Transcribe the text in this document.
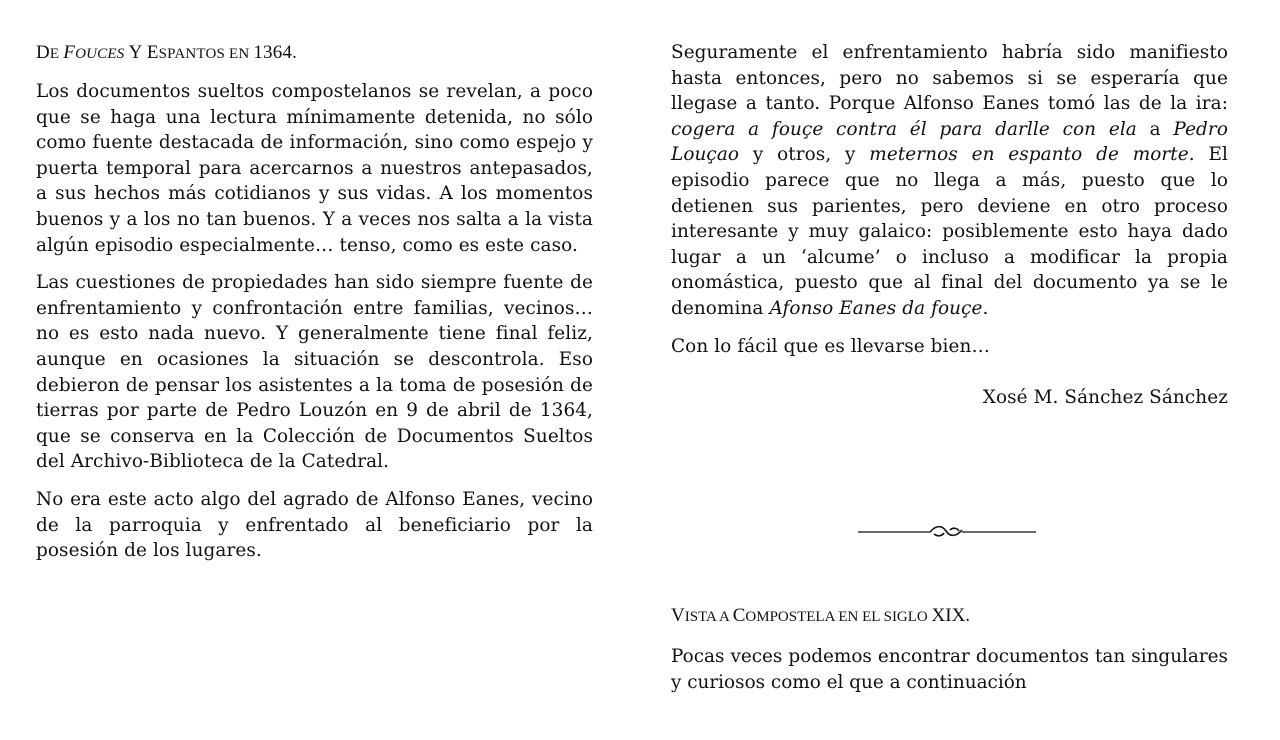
DE FOUCES Y ESPANTOS EN 1364.

Los documentos sueltos compostelanos se revelan, a poco que se haga una lectura mínimamente detenida, no sólo como fuente destacada de información, sino como espejo y puerta temporal para acercarnos a nuestros antepasados, a sus hechos más cotidianos y sus vidas. A los momentos buenos y a los no tan buenos. Y a veces nos salta a la vista algún episodio especialmente… tenso, como es este caso.

Las cuestiones de propiedades han sido siempre fuente de enfrentamiento y confrontación entre familias, vecinos… no es esto nada nuevo. Y generalmente tiene final feliz, aunque en ocasiones la situación se descontrola. Eso debieron de pensar los asistentes a la toma de posesión de tierras por parte de Pedro Louzón en 9 de abril de 1364, que se conserva en la Colección de Documentos Sueltos del Archivo-Biblioteca de la Catedral.

No era este acto algo del agrado de Alfonso Eanes, vecino de la parroquia y enfrentado al beneficiario por la posesión de los lugares.

Seguramente el enfrentamiento habría sido manifiesto hasta entonces, pero no sabemos si se esperaría que llegase a tanto. Porque Alfonso Eanes tomó las de la ira: cogera a fouçe contra él para darlle con ela a Pedro Louçao y otros, y meternos en espanto de morte. El episodio parece que no llega a más, puesto que lo detienen sus parientes, pero deviene en otro proceso interesante y muy galaico: posiblemente esto haya dado lugar a un ‘alcume’ o incluso a modificar la propia onomástica, puesto que al final del documento ya se le denomina Afonso Eanes da fouçe.

Con lo fácil que es llevarse bien…

Xosé M. Sánchez Sánchez

VISTA A COMPOSTELA EN EL SIGLO XIX.

Pocas veces podemos encontrar documentos tan singulares y curiosos como el que a continuación
